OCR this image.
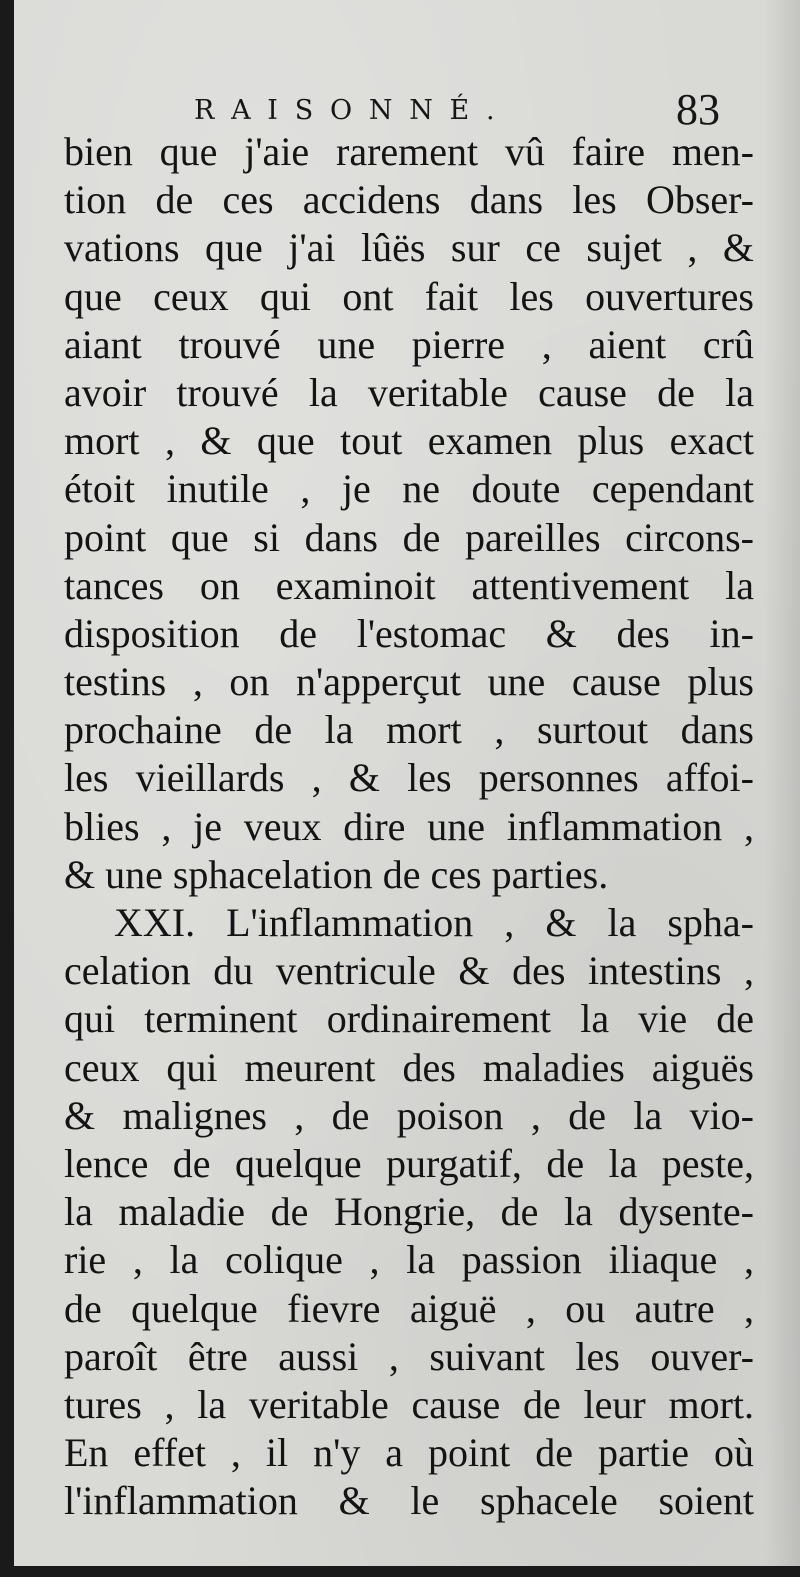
RAISONNÉ.	83
bien que j'aie rarement vû faire men-
tion de ces accidens dans les Obser-
vations que j'ai lûës sur ce sujet , &
que ceux qui ont fait les ouvertures
aiant trouvé une pierre , aient crû
avoir trouvé la veritable cause de la
mort , & que tout examen plus exact
étoit inutile , je ne doute cependant
point que si dans de pareilles circons-
tances on examinoit attentivement la
disposition de l'estomac & des in-
testins , on n'apperçut une cause plus
prochaine de la mort , surtout dans
les vieillards , & les personnes affoi-
blies , je veux dire une inflammation ,
& une sphacelation de ces parties.
XXI. L'inflammation , & la spha-
celation du ventricule & des intestins ,
qui terminent ordinairement la vie de
ceux qui meurent des maladies aiguës
& malignes , de poison , de la vio-
lence de quelque purgatif, de la peste,
la maladie de Hongrie, de la dysente-
rie , la colique , la passion iliaque ,
de quelque fievre aiguë , ou autre ,
paroît être aussi , suivant les ouver-
tures , la veritable cause de leur mort.
En effet , il n'y a point de partie où
l'inflammation & le sphacele soient
